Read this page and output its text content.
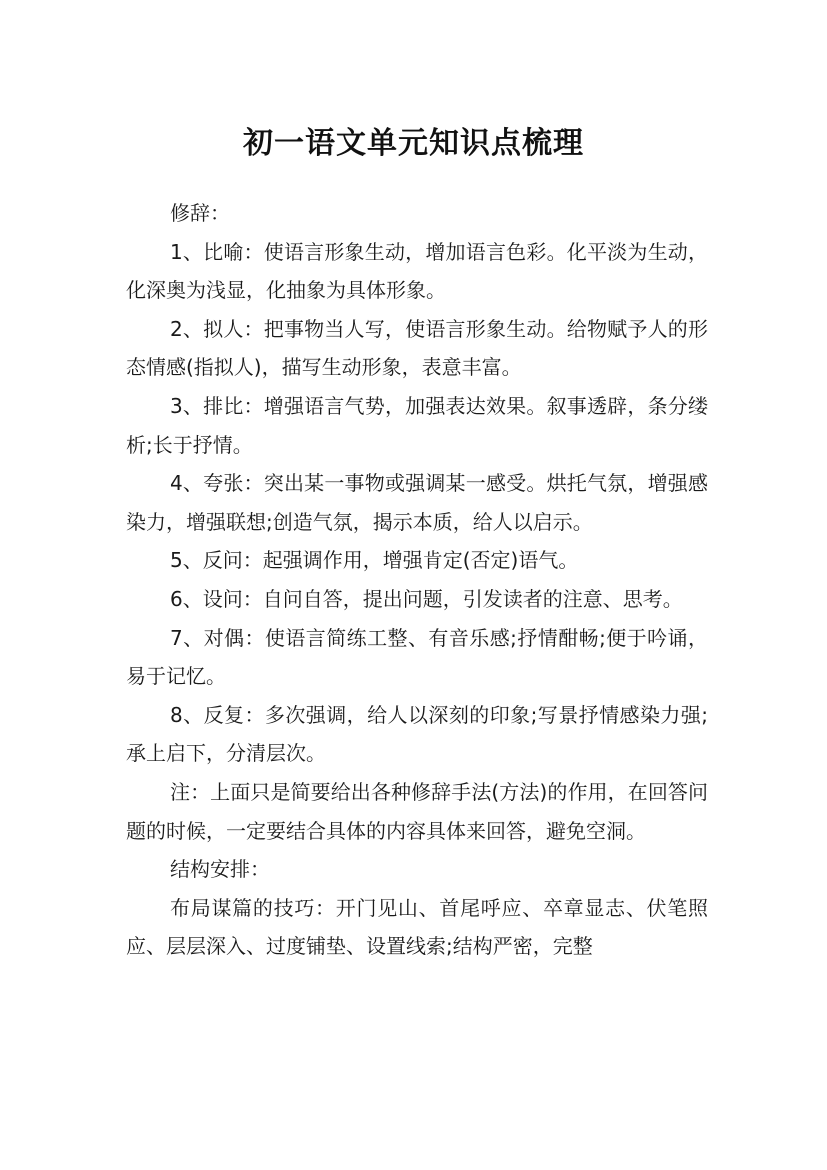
初一语文单元知识点梳理

修辞：

1、比喻：使语言形象生动，增加语言色彩。化平淡为生动，化深奥为浅显，化抽象为具体形象。

2、拟人：把事物当人写，使语言形象生动。给物赋予人的形态情感(指拟人)，描写生动形象，表意丰富。

3、排比：增强语言气势，加强表达效果。叙事透辟，条分缕析;长于抒情。

4、夸张：突出某一事物或强调某一感受。烘托气氛，增强感染力，增强联想;创造气氛，揭示本质，给人以启示。

5、反问：起强调作用，增强肯定(否定)语气。

6、设问：自问自答，提出问题，引发读者的注意、思考。

7、对偶：使语言简练工整、有音乐感;抒情酣畅;便于吟诵，易于记忆。

8、反复：多次强调，给人以深刻的印象;写景抒情感染力强;承上启下，分清层次。

注：上面只是简要给出各种修辞手法(方法)的作用，在回答问题的时候，一定要结合具体的内容具体来回答，避免空洞。

结构安排：

布局谋篇的技巧：开门见山、首尾呼应、卒章显志、伏笔照应、层层深入、过度铺垫、设置线索;结构严密，完整
